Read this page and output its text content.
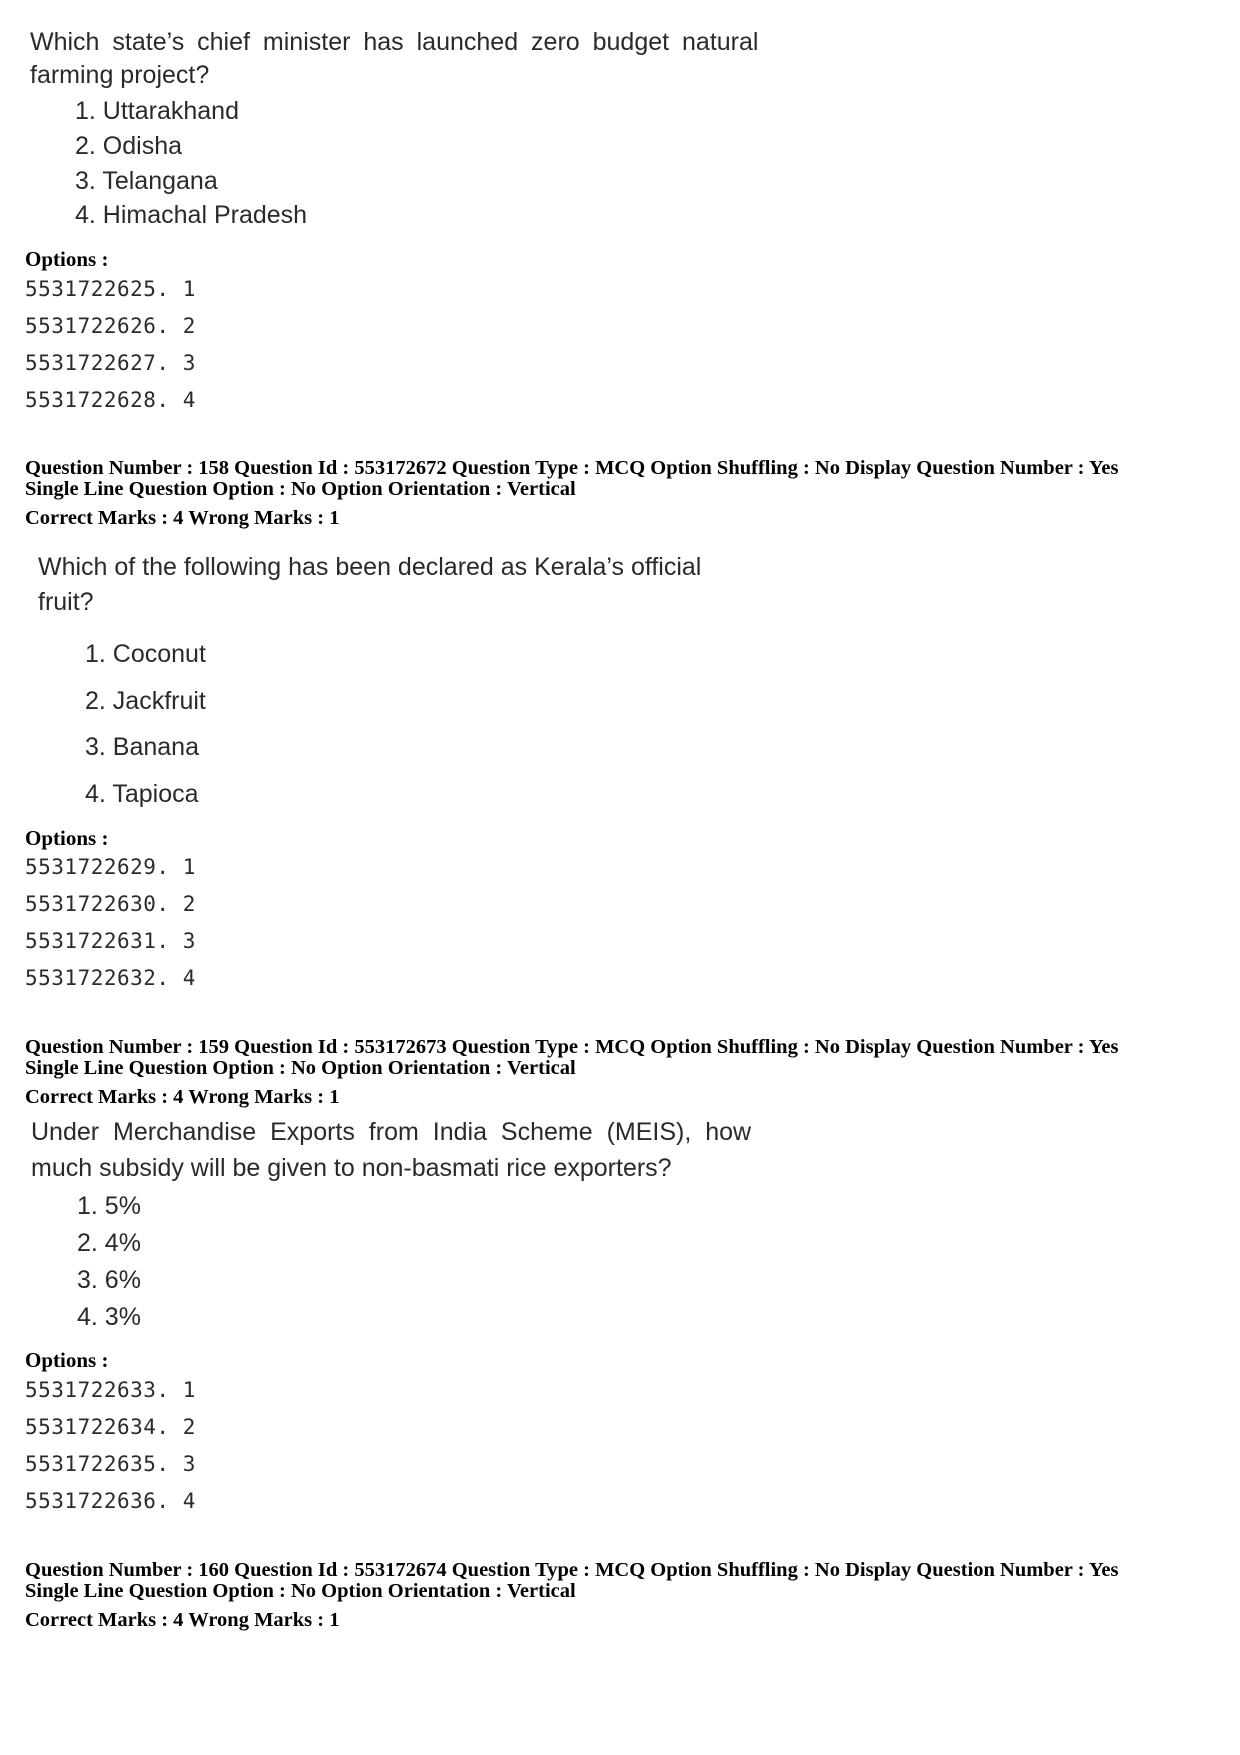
Which state’s chief minister has launched zero budget natural
farming project?
1. Uttarakhand
2. Odisha
3. Telangana
4. Himachal Pradesh
Options :
5531722625. 1
5531722626. 2
5531722627. 3
5531722628. 4
Question Number : 158 Question Id : 553172672 Question Type : MCQ Option Shuffling : No Display Question Number : Yes
Single Line Question Option : No Option Orientation : Vertical
Correct Marks : 4 Wrong Marks : 1
Which of the following has been declared as Kerala’s official
fruit?
1. Coconut
2. Jackfruit
3. Banana
4. Tapioca
Options :
5531722629. 1
5531722630. 2
5531722631. 3
5531722632. 4
Question Number : 159 Question Id : 553172673 Question Type : MCQ Option Shuffling : No Display Question Number : Yes
Single Line Question Option : No Option Orientation : Vertical
Correct Marks : 4 Wrong Marks : 1
Under Merchandise Exports from India Scheme (MEIS), how
much subsidy will be given to non-basmati rice exporters?
1. 5%
2. 4%
3. 6%
4. 3%
Options :
5531722633. 1
5531722634. 2
5531722635. 3
5531722636. 4
Question Number : 160 Question Id : 553172674 Question Type : MCQ Option Shuffling : No Display Question Number : Yes
Single Line Question Option : No Option Orientation : Vertical
Correct Marks : 4 Wrong Marks : 1
